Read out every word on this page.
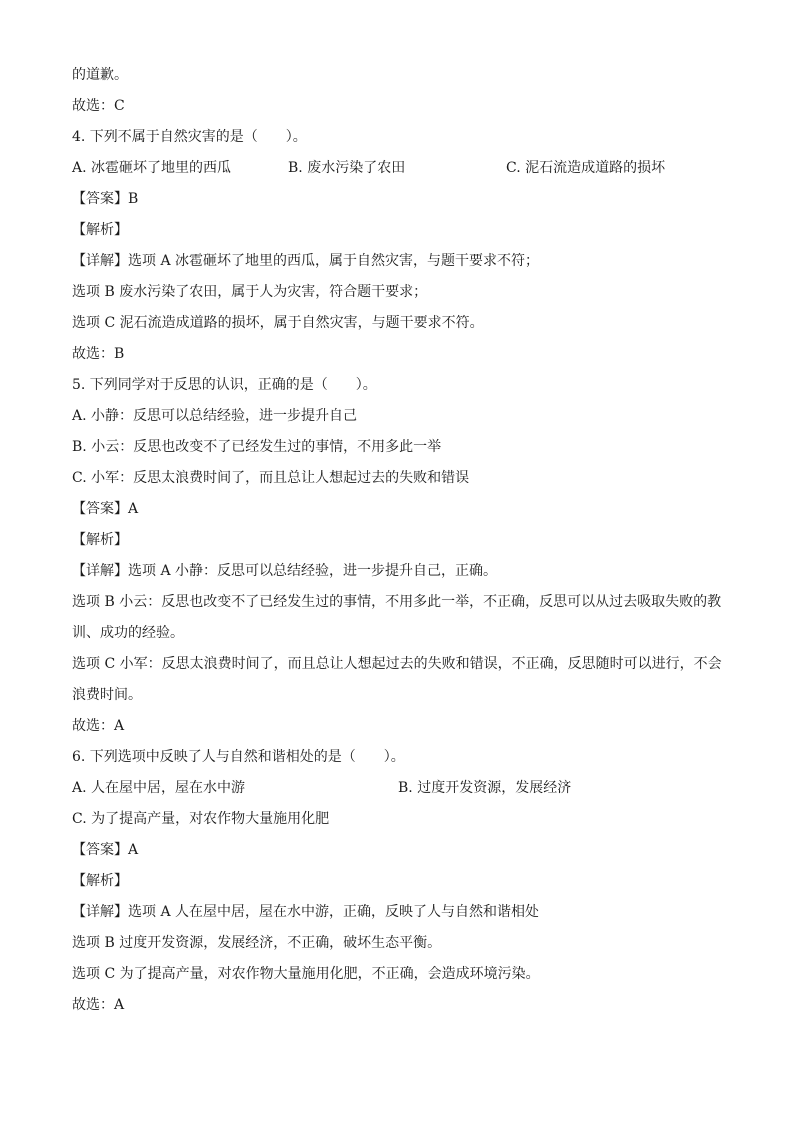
的道歉。
故选：C
4. 下列不属于自然灾害的是（　　）。
A. 冰雹砸坏了地里的西瓜	B. 废水污染了农田	C. 泥石流造成道路的损坏
【答案】B
【解析】
【详解】选项 A 冰雹砸坏了地里的西瓜，属于自然灾害，与题干要求不符；
选项 B 废水污染了农田，属于人为灾害，符合题干要求；
选项 C 泥石流造成道路的损坏，属于自然灾害，与题干要求不符。
故选：B
5. 下列同学对于反思的认识，正确的是（　　）。
A. 小静：反思可以总结经验，进一步提升自己
B. 小云：反思也改变不了已经发生过的事情，不用多此一举
C. 小军：反思太浪费时间了，而且总让人想起过去的失败和错误
【答案】A
【解析】
【详解】选项 A 小静：反思可以总结经验，进一步提升自己，正确。
选项 B 小云：反思也改变不了已经发生过的事情，不用多此一举，不正确，反思可以从过去吸取失败的教
训、成功的经验。
选项 C 小军：反思太浪费时间了，而且总让人想起过去的失败和错误，不正确，反思随时可以进行，不会
浪费时间。
故选：A
6. 下列选项中反映了人与自然和谐相处的是（　　）。
A. 人在屋中居，屋在水中游	B. 过度开发资源，发展经济
C. 为了提高产量，对农作物大量施用化肥
【答案】A
【解析】
【详解】选项 A 人在屋中居，屋在水中游，正确，反映了人与自然和谐相处
选项 B 过度开发资源，发展经济，不正确，破坏生态平衡。
选项 C 为了提高产量，对农作物大量施用化肥，不正确，会造成环境污染。
故选：A
